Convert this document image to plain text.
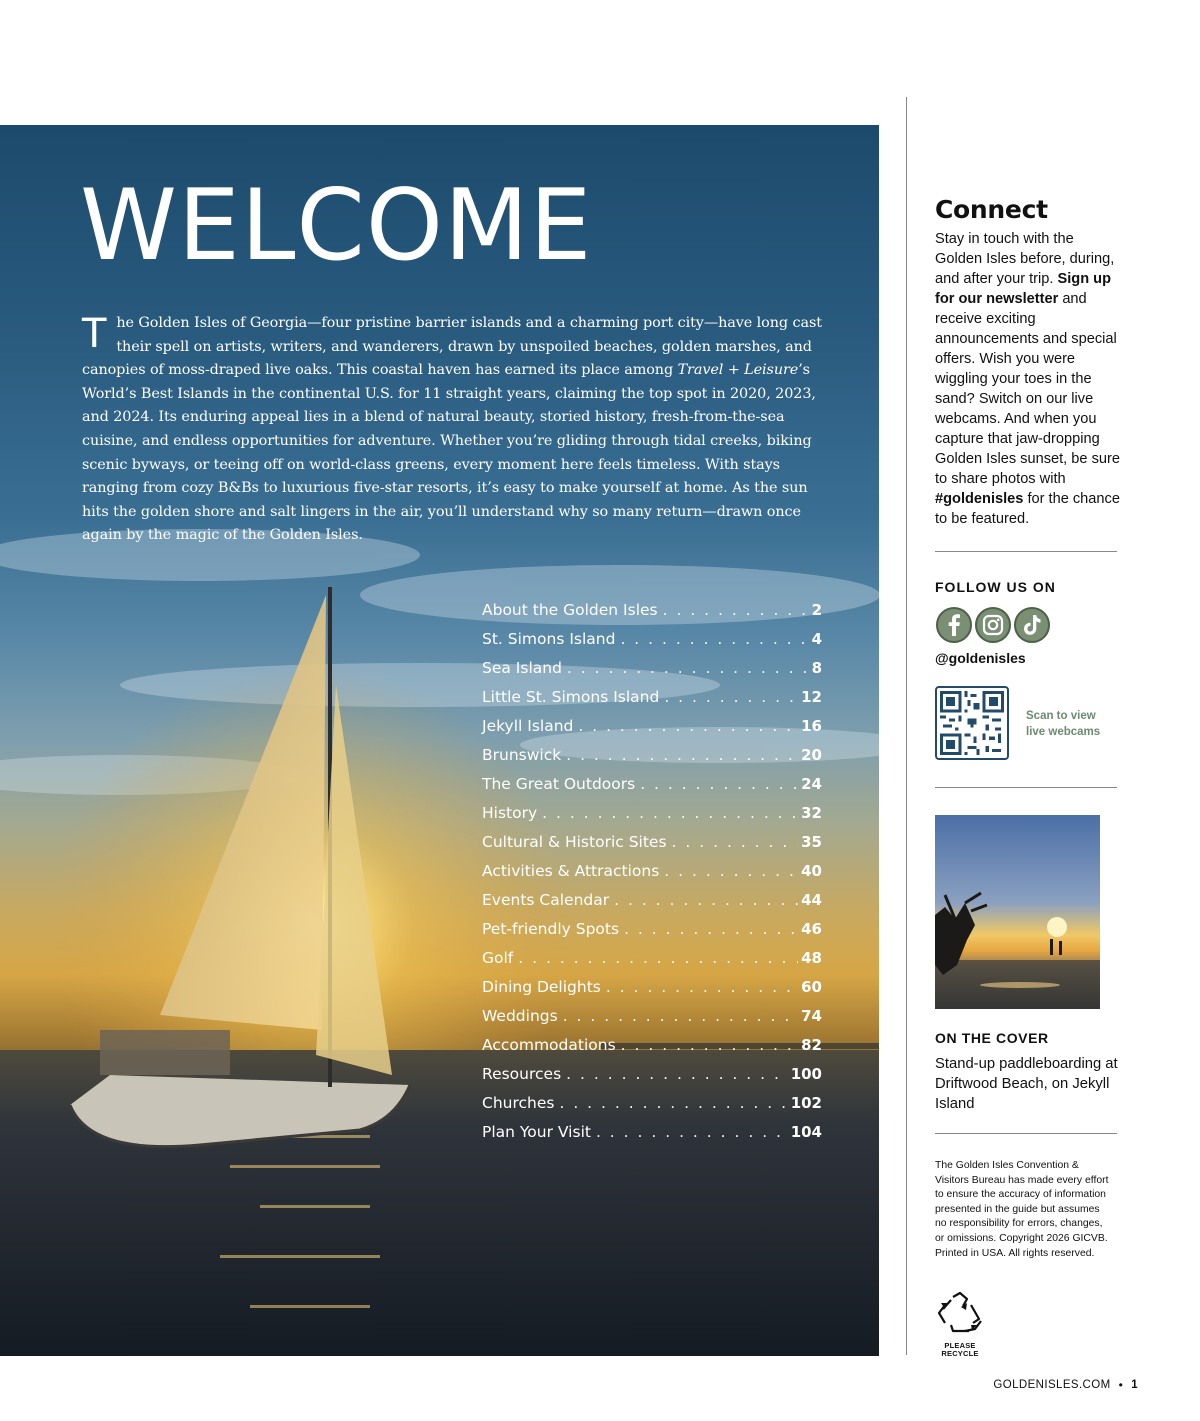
WELCOME

The Golden Isles of Georgia—four pristine barrier islands and a charming port city—have long cast their spell on artists, writers, and wanderers, drawn by unspoiled beaches, golden marshes, and canopies of moss-draped live oaks. This coastal haven has earned its place among Travel + Leisure’s World’s Best Islands in the continental U.S. for 11 straight years, claiming the top spot in 2020, 2023, and 2024. Its enduring appeal lies in a blend of natural beauty, storied history, fresh-from-the-sea cuisine, and endless opportunities for adventure. Whether you’re gliding through tidal creeks, biking scenic byways, or teeing off on world-class greens, every moment here feels timeless. With stays ranging from cozy B&Bs to luxurious five-star resorts, it’s easy to make yourself at home. As the sun hits the golden shore and salt lingers in the air, you’ll understand why so many return—drawn once again by the magic of the Golden Isles.

About the Golden Isles . . .	2
St. Simons Island . . .	4
Sea Island . . .	8
Little St. Simons Island . . .	12
Jekyll Island . . .	16
Brunswick . . .	20
The Great Outdoors . . .	24
History . . .	32
Cultural & Historic Sites . . .	35
Activities & Attractions . . .	40
Events Calendar . . .	44
Pet-friendly Spots . . .	46
Golf . . .	48
Dining Delights . . .	60
Weddings . . .	74
Accommodations . . .	82
Resources . . .	100
Churches . . .	102
Plan Your Visit . . .	104
Connect

Stay in touch with the Golden Isles before, during, and after your trip. Sign up for our newsletter and receive exciting announcements and special offers. Wish you were wiggling your toes in the sand? Switch on our live webcams. And when you capture that jaw-dropping Golden Isles sunset, be sure to share photos with #goldenisles for the chance to be featured.

FOLLOW US ON
@goldenisles
Scan to view live webcams
ON THE COVER

Stand-up paddleboarding at Driftwood Beach, on Jekyll Island

The Golden Isles Convention & Visitors Bureau has made every effort to ensure the accuracy of information presented in the guide but assumes no responsibility for errors, changes, or omissions. Copyright 2026 GICVB. Printed in USA. All rights reserved.

PLEASE
RECYCLE
GOLDENISLES.COM • 1
